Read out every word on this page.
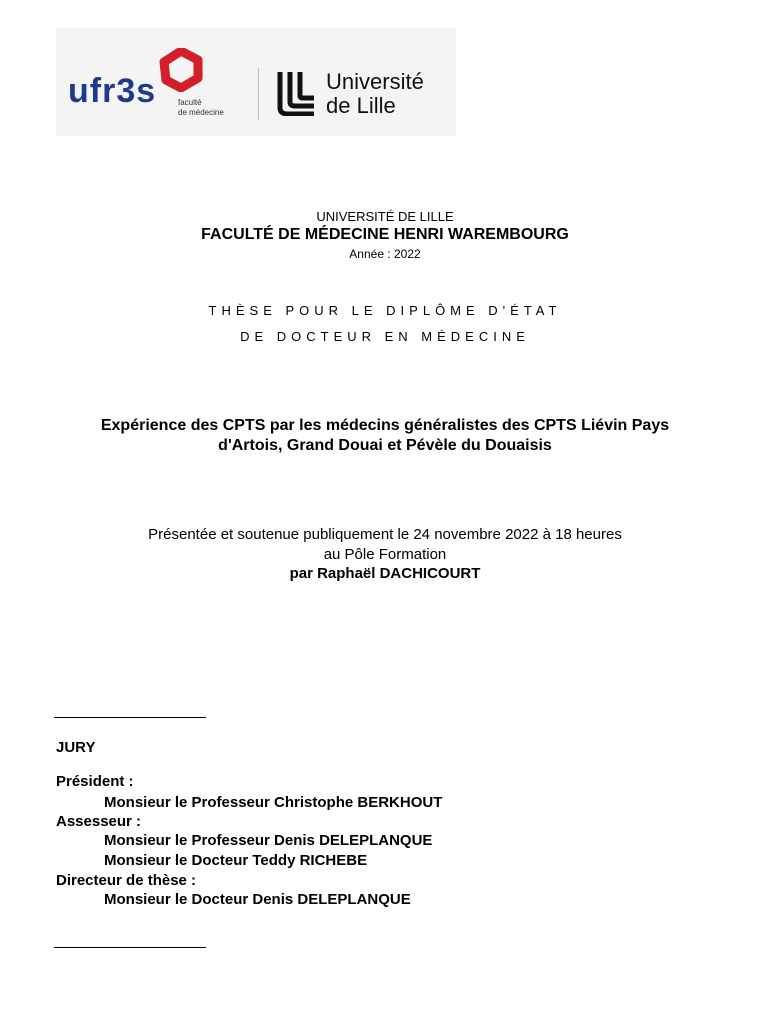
ufr3s	faculté
de médecine
Université
de Lille
UNIVERSITÉ DE LILLE
FACULTÉ DE MÉDECINE HENRI WAREMBOURG
Année : 2022
THÈSE POUR LE DIPLÔME D'ÉTAT
DE DOCTEUR EN MÉDECINE
Expérience des CPTS par les médecins généralistes des CPTS Liévin Pays
d'Artois, Grand Douai et Pévèle du Douaisis
Présentée et soutenue publiquement le 24 novembre 2022 à 18 heures
au Pôle Formation
par Raphaël DACHICOURT
JURY
Président :
Monsieur le Professeur Christophe BERKHOUT
Assesseur :
Monsieur le Professeur Denis DELEPLANQUE
Monsieur le Docteur Teddy RICHEBE
Directeur de thèse :
Monsieur le Docteur Denis DELEPLANQUE
